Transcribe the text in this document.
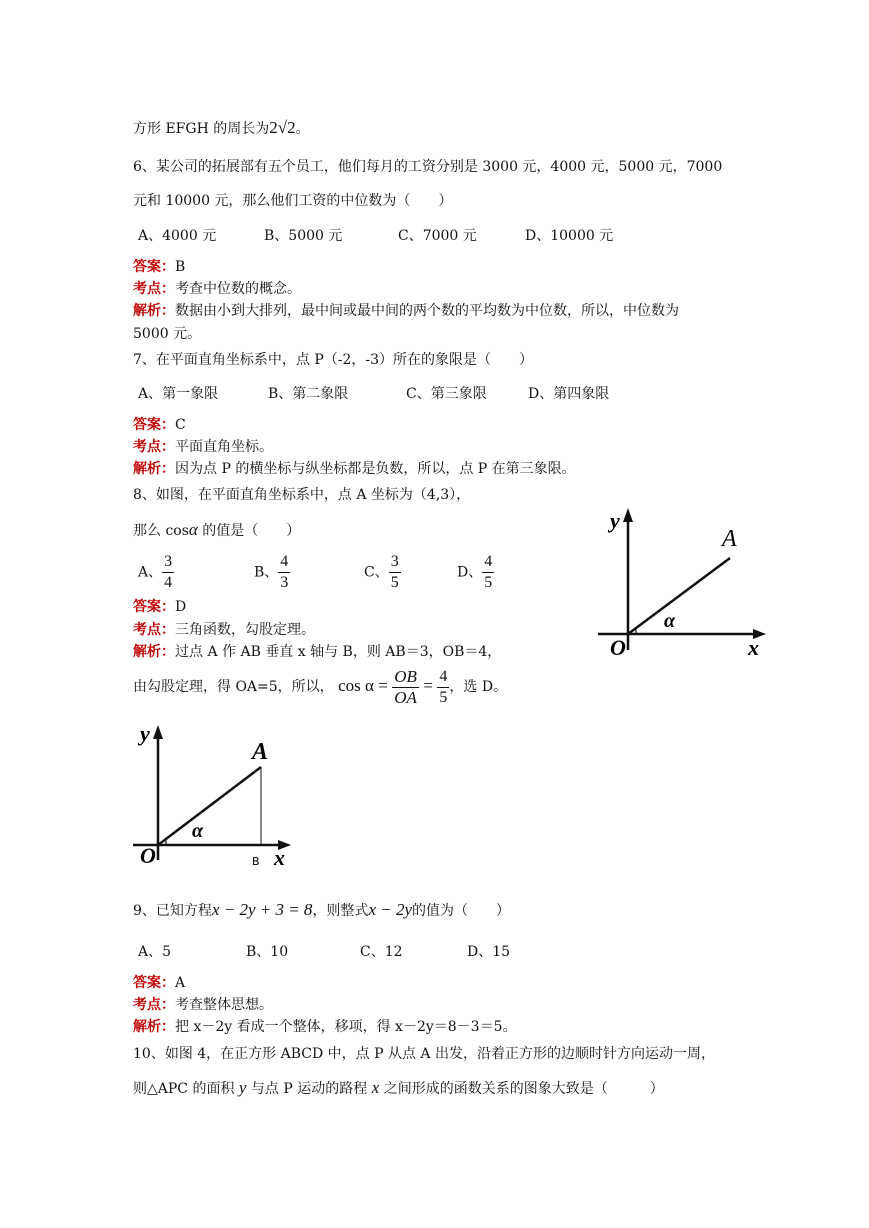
方形 EFGH 的周长为2√2。
6、某公司的拓展部有五个员工，他们每月的工资分别是 3000 元，4000 元，5000 元，7000
元和 10000 元，那么他们工资的中位数为（　　）
A、4000 元	B、5000 元	C、7000 元	D、10000 元
答案：B
考点：考查中位数的概念。
解析：数据由小到大排列，最中间或最中间的两个数的平均数为中位数，所以，中位数为
5000 元。
7、在平面直角坐标系中，点 P（-2，-3）所在的象限是（　　）
A、第一象限	B、第二象限	C、第三象限	D、第四象限
答案：C
考点：平面直角坐标。
解析：因为点 P 的横坐标与纵坐标都是负数，所以，点 P 在第三象限。
8、如图，在平面直角坐标系中，点 A 坐标为（4,3），
那么 cosα 的值是（　　）
A、 $\frac{3}{4}$	B、 $\frac{4}{3}$	C、 $\frac{3}{5}$	D、 $\frac{4}{5}$
答案：D
考点：三角函数，勾股定理。
解析：过点 A 作 AB 垂直 x 轴与 B，则 AB＝3，OB＝4，
由勾股定理，得 OA=5，所以， $\cos \alpha = \frac{OB}{OA} = \frac{4}{5}$ ，选 D。
y
x
O
A
α
y
x
O
A
B
α
9、已知方程x − 2y + 3 = 8，则整式x − 2y的值为（　　）
A、5	B、10	C、12	D、15
答案：A
考点：考查整体思想。
解析：把 x－2y 看成一个整体，移项，得 x－2y＝8－3＝5。
10、如图 4，在正方形 ABCD 中，点 P 从点 A 出发，沿着正方形的边顺时针方向运动一周，
则△APC 的面积 y 与点 P 运动的路程 x 之间形成的函数关系的图象大致是（　　　）
